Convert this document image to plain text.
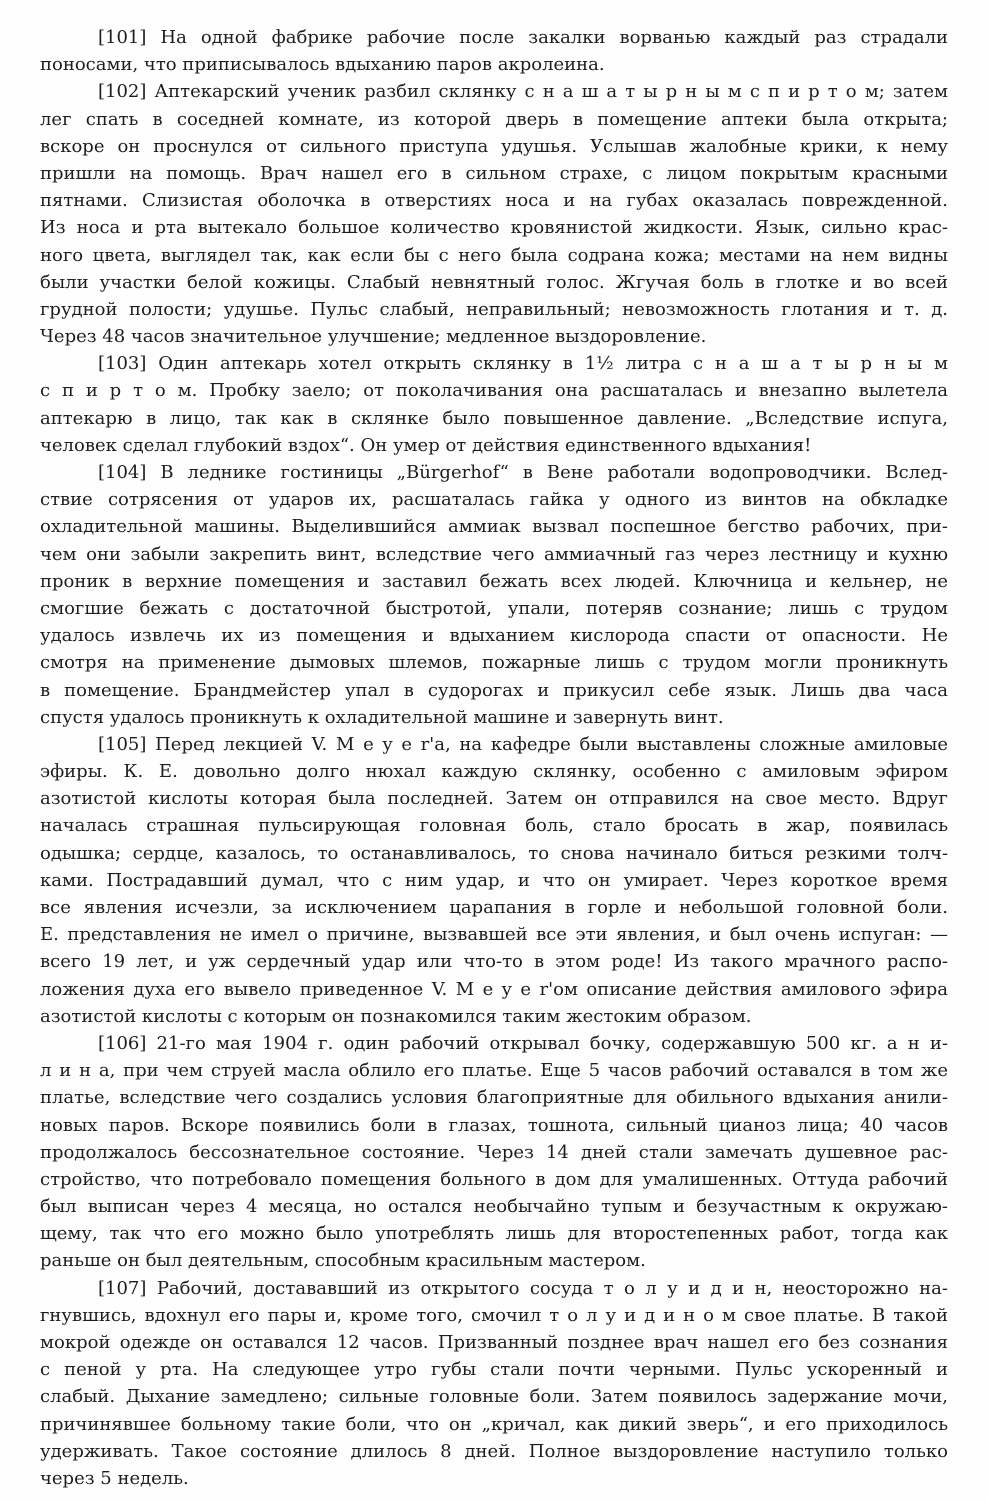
[101] На одной фабрике рабочие после закалки ворванью каждый раз страдали
поносами, что приписывалось вдыханию паров акролеина.
[102] Аптекарский ученик разбил склянку с н а ш а т ы р н ы м с п и р т о м; затем
лег спать в соседней комнате, из которой дверь в помещение аптеки была открыта;
вскоре он проснулся от сильного приступа удушья. Услышав жалобные крики, к нему
пришли на помощь. Врач нашел его в сильном страхе, с лицом покрытым красными
пятнами. Слизистая оболочка в отверстиях носа и на губах оказалась поврежденной.
Из носа и рта вытекало большое количество кровянистой жидкости. Язык, сильно крас-
ного цвета, выглядел так, как если бы с него была содрана кожа; местами на нем видны
были участки белой кожицы. Слабый невнятный голос. Жгучая боль в глотке и во всей
грудной полости; удушье. Пульс слабый, неправильный; невозможность глотания и т. д.
Через 48 часов значительное улучшение; медленное выздоровление.
[103] Один аптекарь хотел открыть склянку в 1½ литра с н а ш а т ы р н ы м
с п и р т о м. Пробку заело; от поколачивания она расшаталась и внезапно вылетела
аптекарю в лицо, так как в склянке было повышенное давление. „Вследствие испуга,
человек сделал глубокий вздох“. Он умер от действия единственного вдыхания!
[104] В леднике гостиницы „Bürgerhof“ в Вене работали водопроводчики. Вслед-
ствие сотрясения от ударов их, расшаталась гайка у одного из винтов на обкладке
охладительной машины. Выделившийся аммиак вызвал поспешное бегство рабочих, при-
чем они забыли закрепить винт, вследствие чего аммиачный газ через лестницу и кухню
проник в верхние помещения и заставил бежать всех людей. Ключница и кельнер, не
смогшие бежать с достаточной быстротой, упали, потеряв сознание; лишь с трудом
удалось извлечь их из помещения и вдыханием кислорода спасти от опасности. Не
смотря на применение дымовых шлемов, пожарные лишь с трудом могли проникнуть
в помещение. Брандмейстер упал в судорогах и прикусил себе язык. Лишь два часа
спустя удалось проникнуть к охладительной машине и завернуть винт.
[105] Перед лекцией V. M e y e r'а, на кафедре были выставлены сложные амиловые
эфиры. К. Е. довольно долго нюхал каждую склянку, особенно с амиловым эфиром
азотистой кислоты которая была последней. Затем он отправился на свое место. Вдруг
началась страшная пульсирующая головная боль, стало бросать в жар, появилась
одышка; сердце, казалось, то останавливалось, то снова начинало биться резкими толч-
ками. Пострадавший думал, что с ним удар, и что он умирает. Через короткое время
все явления исчезли, за исключением царапания в горле и небольшой головной боли.
Е. представления не имел о причине, вызвавшей все эти явления, и был очень испуган: —
всего 19 лет, и уж сердечный удар или что-то в этом роде! Из такого мрачного распо-
ложения духа его вывело приведенное V. M e y e r'ом описание действия амилового эфира
азотистой кислоты с которым он познакомился таким жестоким образом.
[106] 21-го мая 1904 г. один рабочий открывал бочку, содержавшую 500 кг. а н и-
л и н а, при чем струей масла облило его платье. Еще 5 часов рабочий оставался в том же
платье, вследствие чего создались условия благоприятные для обильного вдыхания анили-
новых паров. Вскоре появились боли в глазах, тошнота, сильный цианоз лица; 40 часов
продолжалось бессознательное состояние. Через 14 дней стали замечать душевное рас-
стройство, что потребовало помещения больного в дом для умалишенных. Оттуда рабочий
был выписан через 4 месяца, но остался необычайно тупым и безучастным к окружаю-
щему, так что его можно было употреблять лишь для второстепенных работ, тогда как
раньше он был деятельным, способным красильным мастером.
[107] Рабочий, достававший из открытого сосуда т о л у и д и н, неосторожно на-
гнувшись, вдохнул его пары и, кроме того, смочил т о л у и д и н о м свое платье. В такой
мокрой одежде он оставался 12 часов. Призванный позднее врач нашел его без сознания
с пеной у рта. На следующее утро губы стали почти черными. Пульс ускоренный и
слабый. Дыхание замедлено; сильные головные боли. Затем появилось задержание мочи,
причинявшее больному такие боли, что он „кричал, как дикий зверь“, и его приходилось
удерживать. Такое состояние длилось 8 дней. Полное выздоровление наступило только
через 5 недель.
